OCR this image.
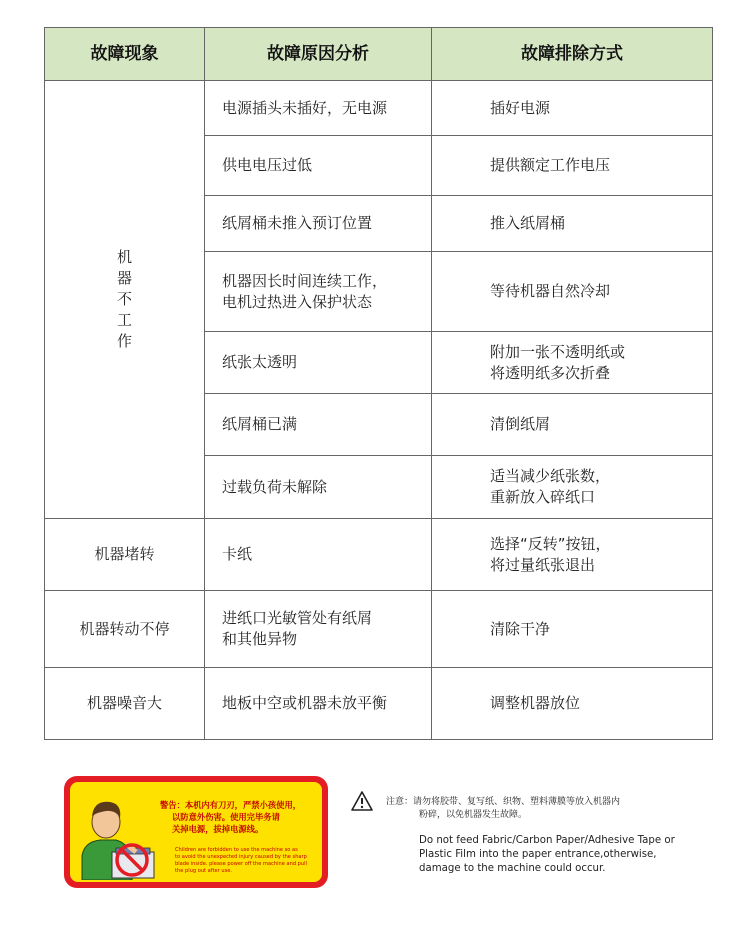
故障现象	故障原因分析	故障排除方式

机
器
不
工
作	电源插头未插好，无电源	插好电源
	供电电压过低	提供额定工作电压
	纸屑桶未推入预订位置	推入纸屑桶

	机器因长时间连续工作，
电机过热进入保护状态	等待机器自然冷却
	纸张太透明	附加一张不透明纸或
将透明纸多次折叠

	纸屑桶已满	清倒纸屑
	过载负荷未解除	适当减少纸张数，
重新放入碎纸口

机器堵转	卡纸	选择“反转”按钮，
将过量纸张退出

机器转动不停	进纸口光敏管处有纸屑
和其他异物	清除干净
机器噪音大	地板中空或机器未放平衡	调整机器放位
警告：本机内有刀刃，严禁小孩使用，
以防意外伤害。使用完毕务请
关掉电源，拔掉电源线。
Children are forbidden to use the machine so as
to avoid the unexpected injury caused by the sharp
blade inside. please power off the machine and pull
the plug out after use.
注意：请勿将胶带、复写纸、织物、塑料薄膜等放入机器内
粉碎，以免机器发生故障。
Do not feed Fabric/Carbon Paper/Adhesive Tape or
Plastic Film into the paper entrance,otherwise,
damage to the machine could occur.
